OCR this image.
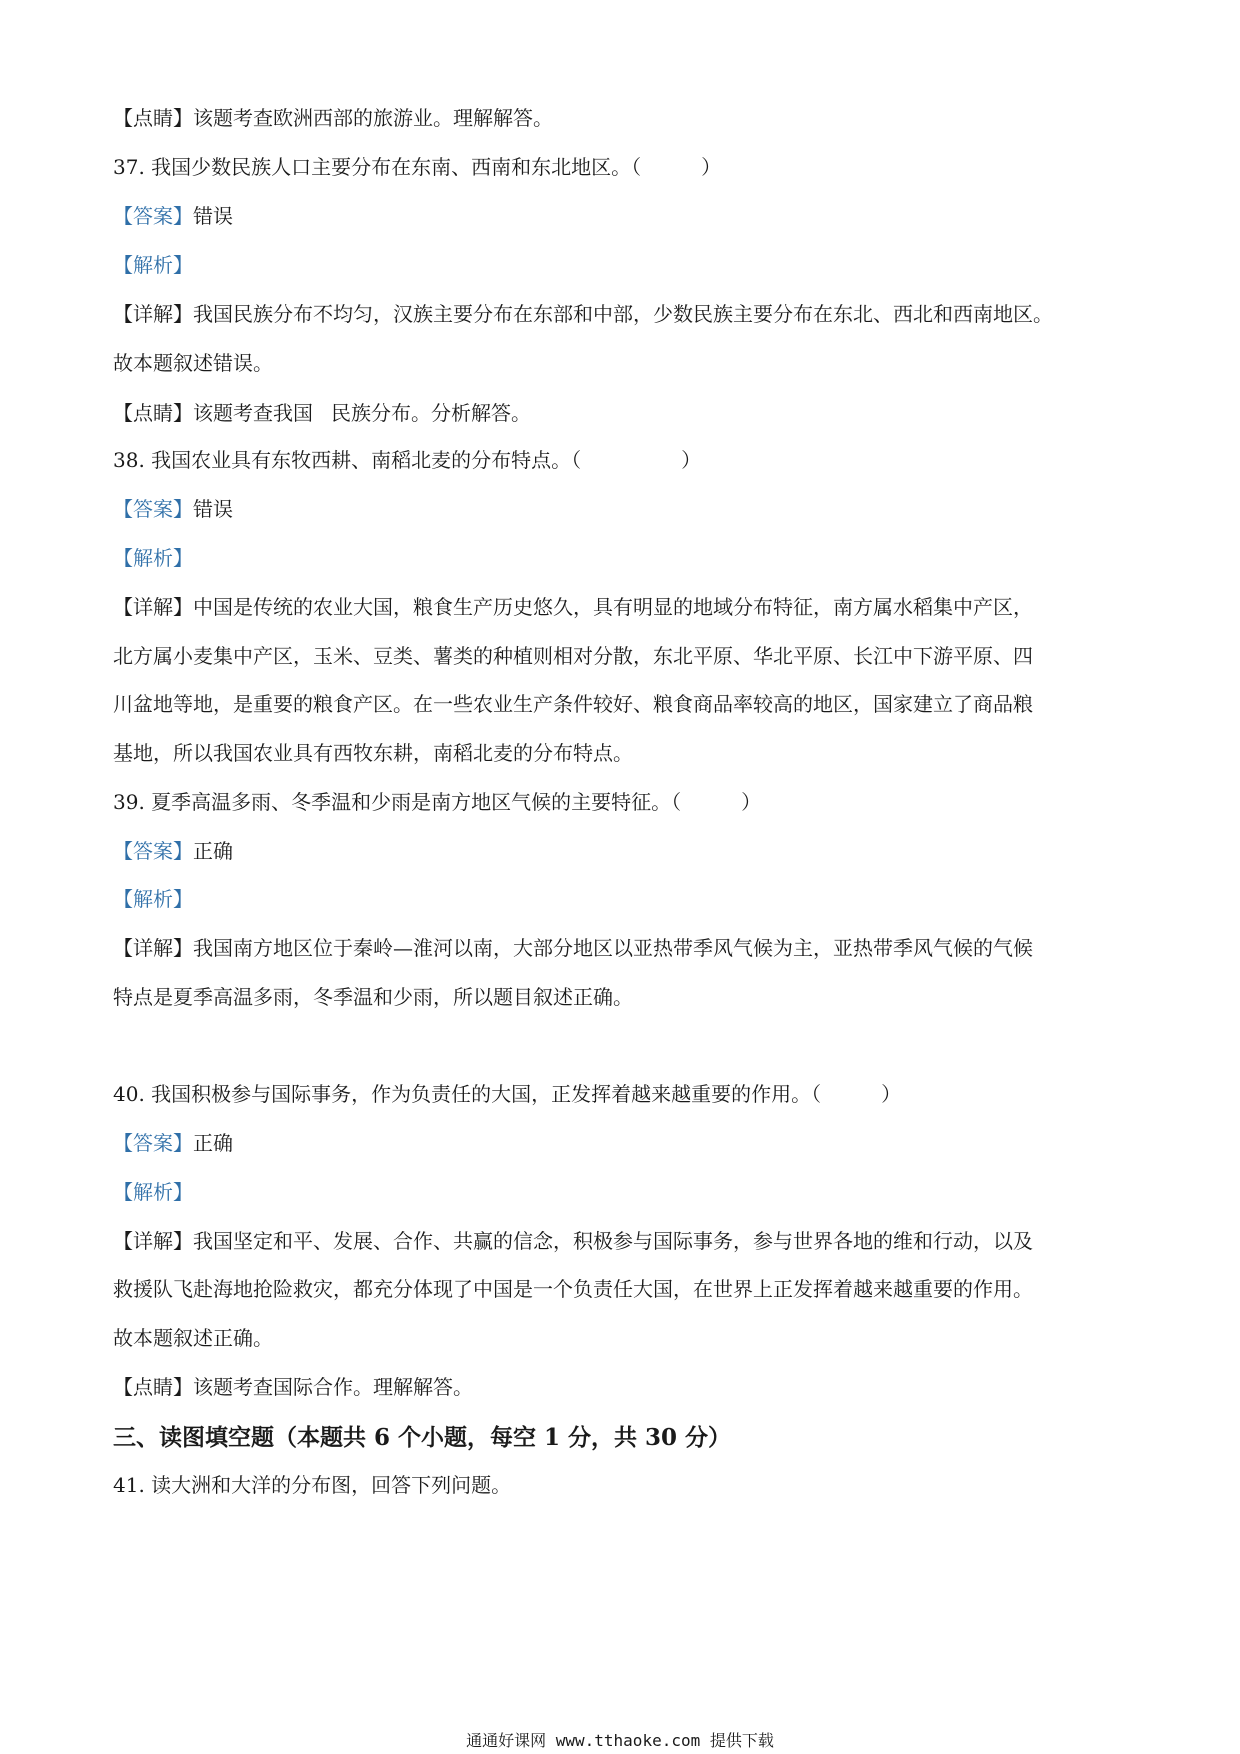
【点睛】该题考查欧洲西部的旅游业。理解解答。
37. 我国少数民族人口主要分布在东南、西南和东北地区。（　　　）
【答案】错误
【解析】
【详解】我国民族分布不均匀，汉族主要分布在东部和中部，少数民族主要分布在东北、西北和西南地区。
故本题叙述错误。
【点睛】该题考查我国 民族分布。分析解答。
38. 我国农业具有东牧西耕、南稻北麦的分布特点。（　　　　　）
【答案】错误
【解析】
【详解】中国是传统的农业大国，粮食生产历史悠久，具有明显的地域分布特征，南方属水稻集中产区，
北方属小麦集中产区，玉米、豆类、薯类的种植则相对分散，东北平原、华北平原、长江中下游平原、四
川盆地等地，是重要的粮食产区。在一些农业生产条件较好、粮食商品率较高的地区，国家建立了商品粮
基地，所以我国农业具有西牧东耕，南稻北麦的分布特点。
39. 夏季高温多雨、冬季温和少雨是南方地区气候的主要特征。（　　　）
【答案】正确
【解析】
【详解】我国南方地区位于秦岭—淮河以南，大部分地区以亚热带季风气候为主，亚热带季风气候的气候
特点是夏季高温多雨，冬季温和少雨，所以题目叙述正确。
40. 我国积极参与国际事务，作为负责任的大国，正发挥着越来越重要的作用。（　　　）
【答案】正确
【解析】
【详解】我国坚定和平、发展、合作、共赢的信念，积极参与国际事务，参与世界各地的维和行动，以及
救援队飞赴海地抢险救灾，都充分体现了中国是一个负责任大国，在世界上正发挥着越来越重要的作用。
故本题叙述正确。
【点睛】该题考查国际合作。理解解答。
三、读图填空题（本题共 6 个小题，每空 1 分，共 30 分）
41. 读大洲和大洋的分布图，回答下列问题。
通通好课网 www.tthaoke.com 提供下载
